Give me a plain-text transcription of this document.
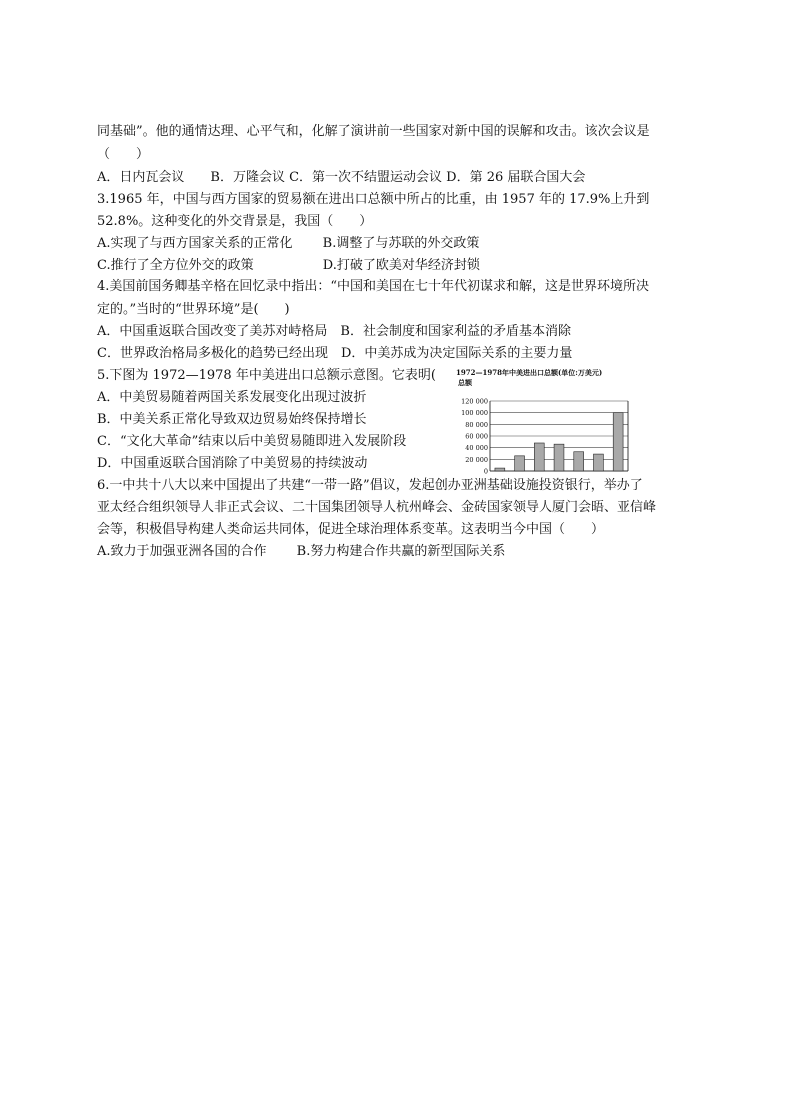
同基础”。他的通情达理、心平气和，化解了演讲前一些国家对新中国的误解和攻击。该次会议是
（　　）
A．日内瓦会议　　B．万隆会议 C．第一次不结盟运动会议 D．第 26 届联合国大会
3.1965 年，中国与西方国家的贸易额在进出口总额中所占的比重，由 1957 年的 17.9%上升到
52.8%。这种变化的外交背景是，我国（　　）
A.实现了与西方国家关系的正常化　　 B.调整了与苏联的外交政策
C.推行了全方位外交的政策　　　　　 D.打破了欧美对华经济封锁
4.美国前国务卿基辛格在回忆录中指出：“中国和美国在七十年代初谋求和解，这是世界环境所决
定的。”当时的“世界环境”是(　　)
A．中国重返联合国改变了美苏对峙格局　B．社会制度和国家利益的矛盾基本消除
C．世界政治格局多极化的趋势已经出现　D．中美苏成为决定国际关系的主要力量
5.下图为 1972—1978 年中美进出口总额示意图。它表明(
A．中美贸易随着两国关系发展变化出现过波折
B．中美关系正常化导致双边贸易始终保持增长
C．“文化大革命”结束以后中美贸易随即进入发展阶段
D．中国重返联合国消除了中美贸易的持续波动
6.一中共十八大以来中国提出了共建“一带一路”倡议，发起创办亚洲基础设施投资银行，举办了
亚太经合组织领导人非正式会议、二十国集团领导人杭州峰会、金砖国家领导人厦门会晤、亚信峰
会等，积极倡导构建人类命运共同体，促进全球治理体系变革。这表明当今中国（　　）
A.致力于加强亚洲各国的合作　　 B.努力构建合作共赢的新型国际关系
1972—1978年中美进出口总额(单位:万美元)
总额
0
20 000
40 000
60 000
80 000
100 000
120 000
